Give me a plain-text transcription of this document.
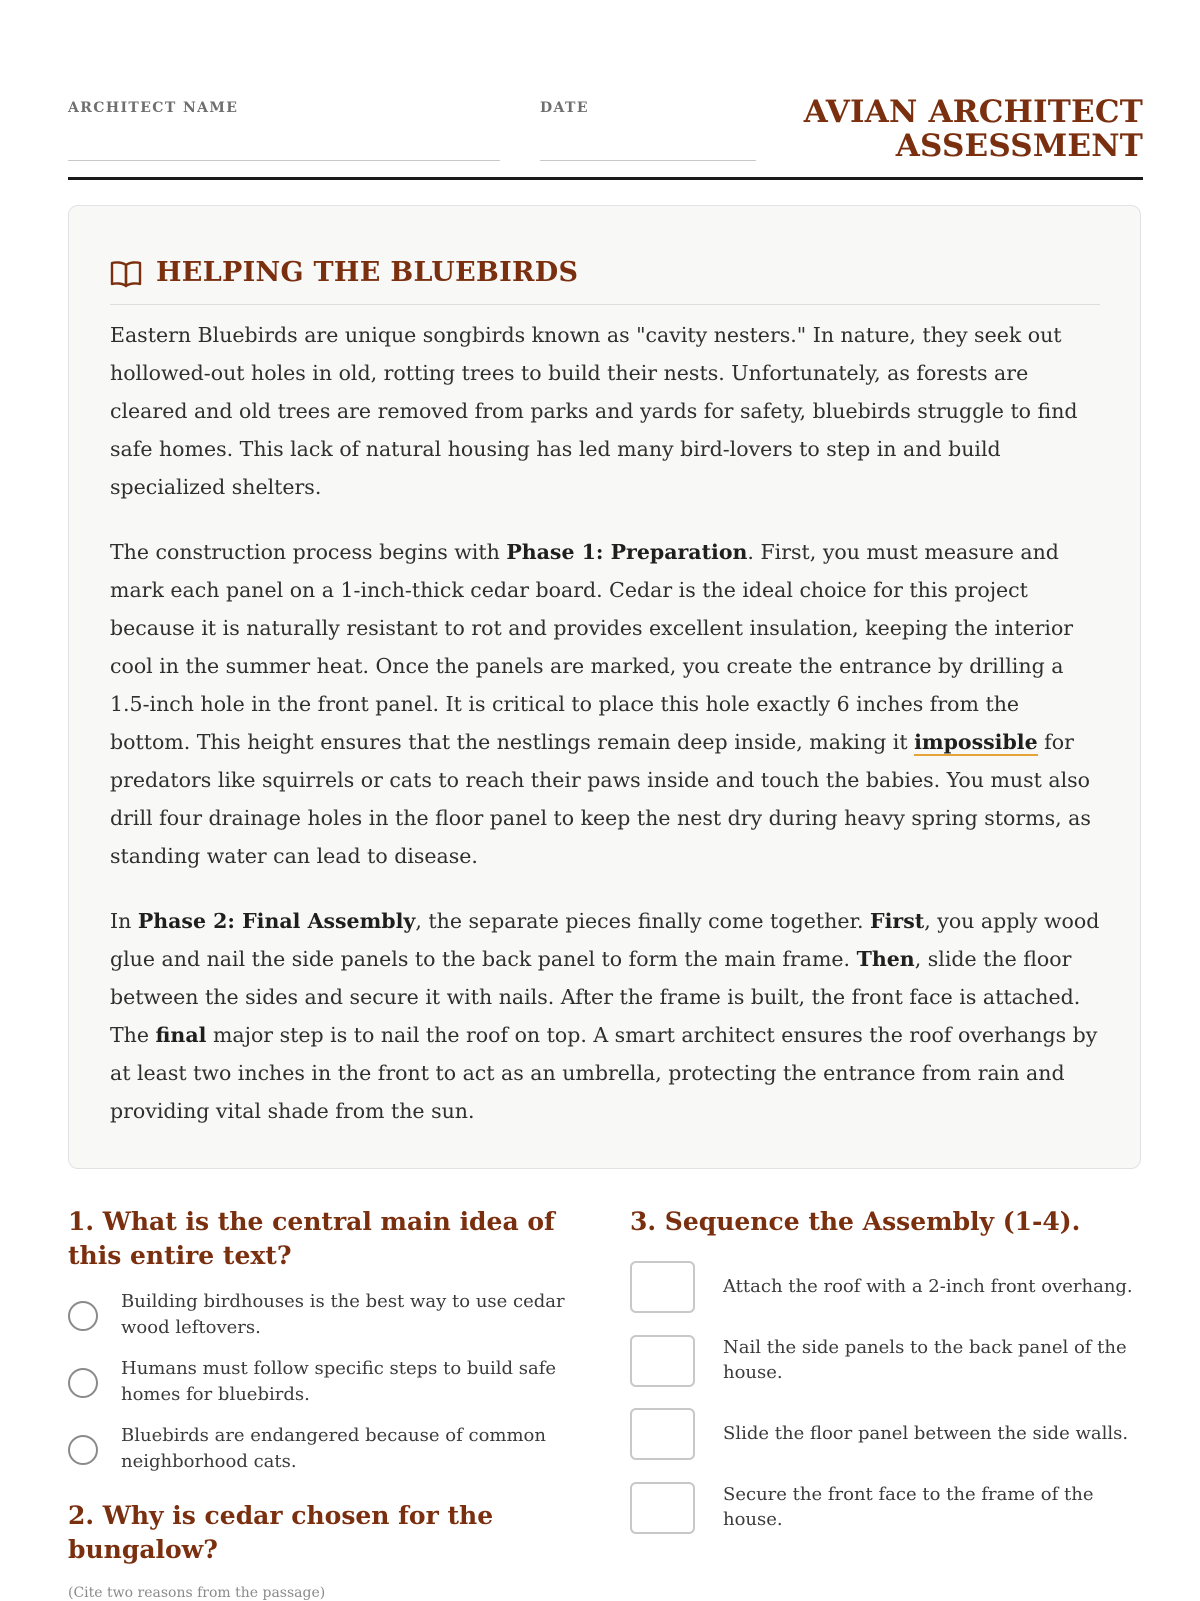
ARCHITECT NAME	DATE	AVIAN ARCHITECT
ASSESSMENT
HELPING THE BLUEBIRDS

Eastern Bluebirds are unique songbirds known as "cavity nesters." In nature, they seek out hollowed-out holes in old, rotting trees to build their nests. Unfortunately, as forests are cleared and old trees are removed from parks and yards for safety, bluebirds struggle to find safe homes. This lack of natural housing has led many bird-lovers to step in and build specialized shelters.

The construction process begins with Phase 1: Preparation. First, you must measure and mark each panel on a 1-inch-thick cedar board. Cedar is the ideal choice for this project because it is naturally resistant to rot and provides excellent insulation, keeping the interior cool in the summer heat. Once the panels are marked, you create the entrance by drilling a 1.5-inch hole in the front panel. It is critical to place this hole exactly 6 inches from the bottom. This height ensures that the nestlings remain deep inside, making it impossible for predators like squirrels or cats to reach their paws inside and touch the babies. You must also drill four drainage holes in the floor panel to keep the nest dry during heavy spring storms, as standing water can lead to disease.

In Phase 2: Final Assembly, the separate pieces finally come together. First, you apply wood glue and nail the side panels to the back panel to form the main frame. Then, slide the floor between the sides and secure it with nails. After the frame is built, the front face is attached. The final major step is to nail the roof on top. A smart architect ensures the roof overhangs by at least two inches in the front to act as an umbrella, protecting the entrance from rain and providing vital shade from the sun.

1. What is the central main idea of this entire text?
Building birdhouses is the best way to use cedar wood leftovers.
Humans must follow specific steps to build safe homes for bluebirds.
Bluebirds are endangered because of common neighborhood cats.
2. Why is cedar chosen for the bungalow?
(Cite two reasons from the passage)
3. Sequence the Assembly (1-4).
Attach the roof with a 2-inch front overhang.
Nail the side panels to the back panel of the house.
Slide the floor panel between the side walls.
Secure the front face to the frame of the house.
